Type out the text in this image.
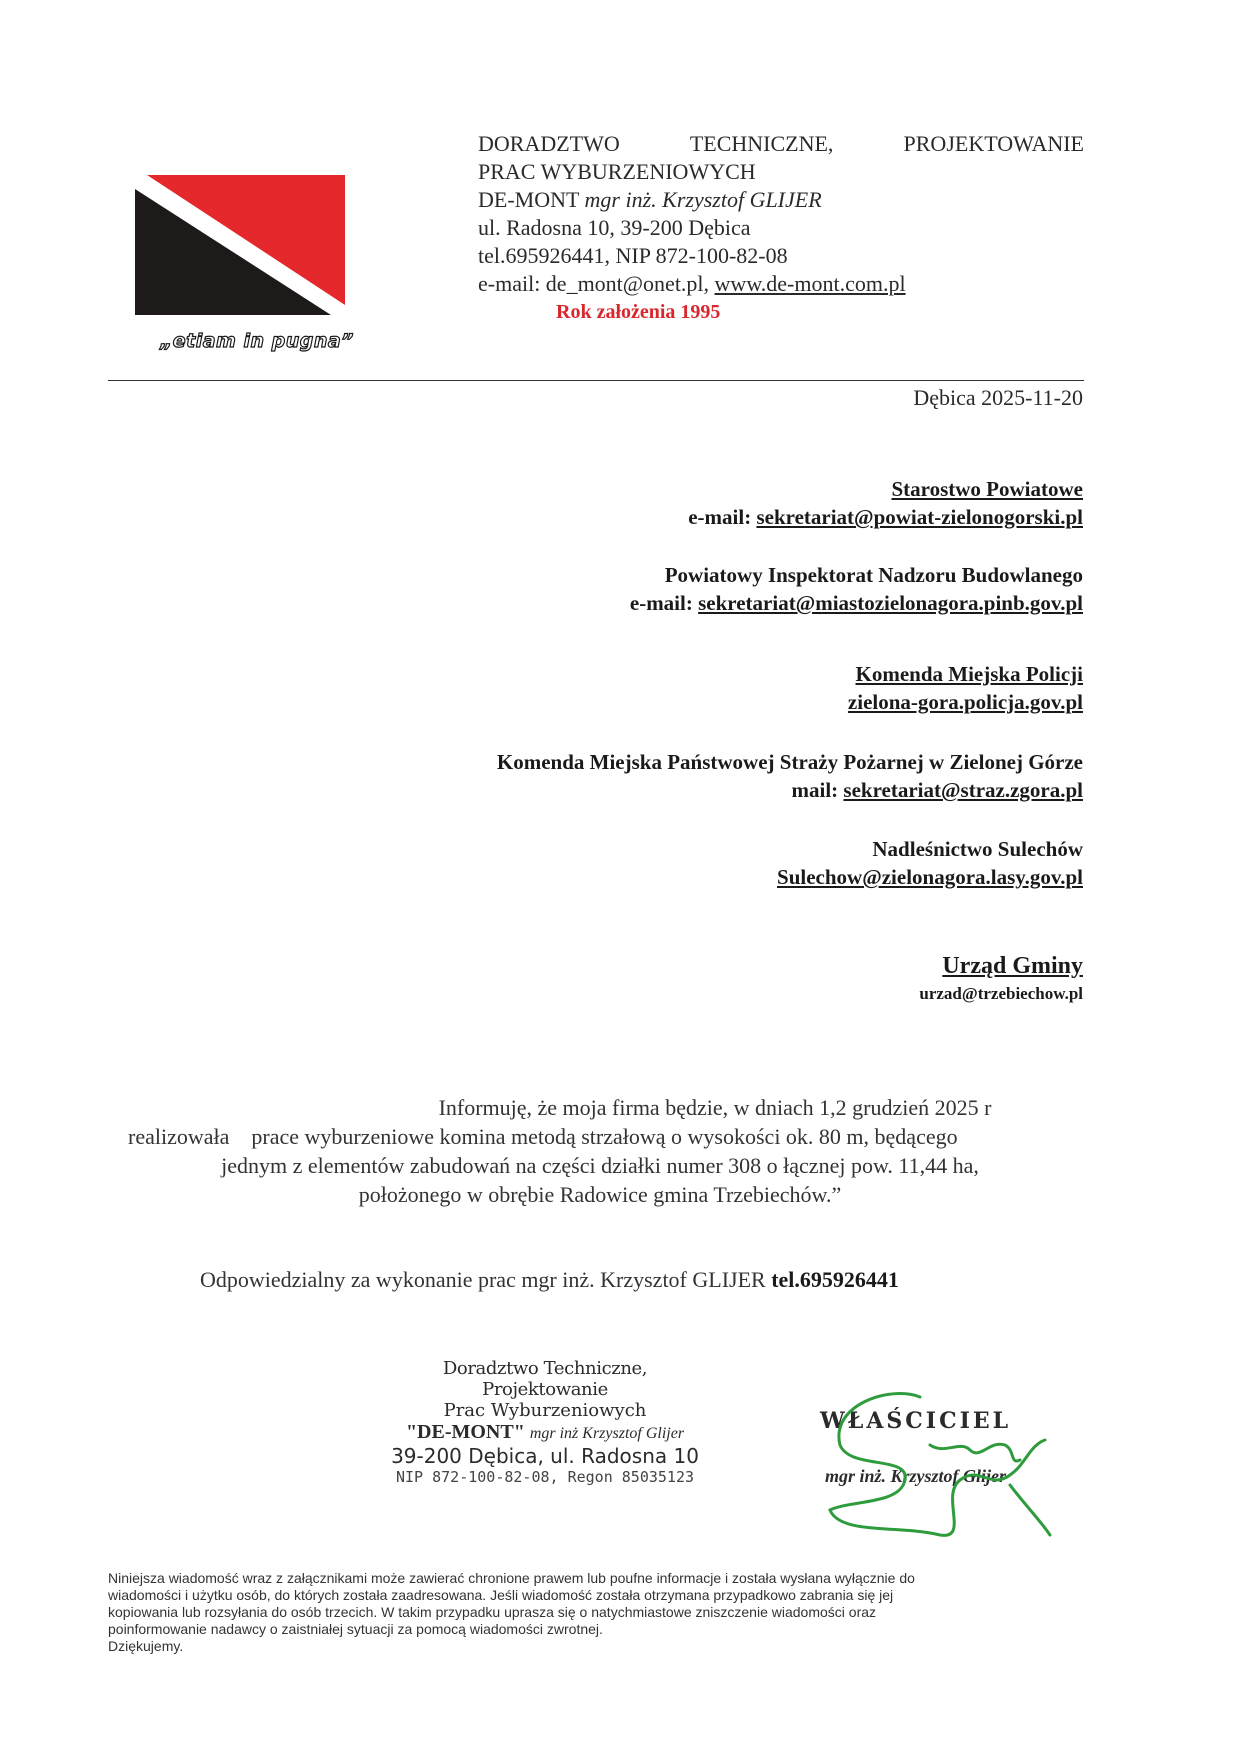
„etiam in pugna”
DORADZTWO	TECHNICZNE,	PROJEKTOWANIE
PRAC WYBURZENIOWYCH
DE-MONT mgr inż. Krzysztof GLIJER
ul. Radosna 10, 39-200 Dębica
tel.695926441, NIP 872-100-82-08
e-mail: de_mont@onet.pl, www.de-mont.com.pl
Rok założenia 1995
Dębica 2025-11-20
Starostwo Powiatowe
e-mail: sekretariat@powiat-zielonogorski.pl
Powiatowy Inspektorat Nadzoru Budowlanego
e-mail: sekretariat@miastozielonagora.pinb.gov.pl
Komenda Miejska Policji
zielona-gora.policja.gov.pl
Komenda Miejska Państwowej Straży Pożarnej w Zielonej Górze
mail: sekretariat@straz.zgora.pl
Nadleśnictwo Sulechów
Sulechow@zielonagora.lasy.gov.pl
Urząd Gminy
urzad@trzebiechow.pl
Informuję, że moja firma będzie, w dniach 1,2 grudzień 2025 r
realizowała    prace wyburzeniowe komina metodą strzałową o wysokości ok. 80 m, będącego
jednym z elementów zabudowań na części działki numer 308 o łącznej pow. 11,44 ha,
położonego w obrębie Radowice gmina Trzebiechów.”
Odpowiedzialny za wykonanie prac mgr inż. Krzysztof GLIJER tel.695926441
Doradztwo Techniczne, Projektowanie
Prac Wyburzeniowych
"DE-MONT" mgr inż Krzysztof Glijer
39-200 Dębica, ul. Radosna 10
NIP 872-100-82-08, Regon 85035123
WŁAŚCICIEL
mgr inż. Krzysztof Glijer
Niniejsza wiadomość wraz z załącznikami może zawierać chronione prawem lub poufne informacje i została wysłana wyłącznie do
wiadomości i użytku osób, do których została zaadresowana. Jeśli wiadomość została otrzymana przypadkowo zabrania się jej
kopiowania lub rozsyłania do osób trzecich. W takim przypadku uprasza się o natychmiastowe zniszczenie wiadomości oraz
poinformowanie nadawcy o zaistniałej sytuacji za pomocą wiadomości zwrotnej.
Dziękujemy.
